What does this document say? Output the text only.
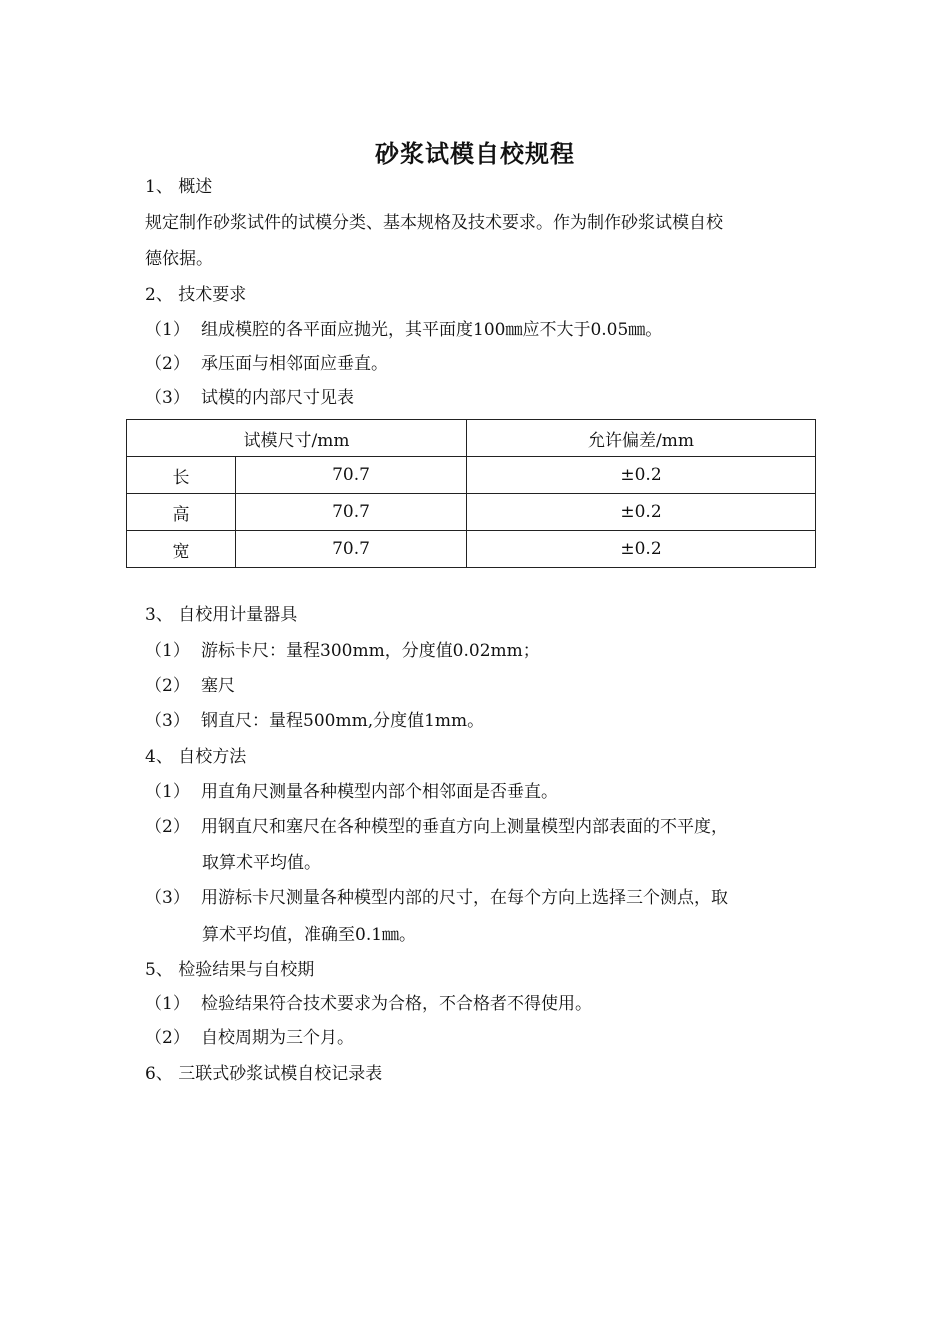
砂浆试模自校规程
1、 概述
规定制作砂浆试件的试模分类、基本规格及技术要求。作为制作砂浆试模自校
德依据。
2、 技术要求
（1） 组成模腔的各平面应抛光，其平面度100㎜应不大于0.05㎜。
（2） 承压面与相邻面应垂直。
（3） 试模的内部尺寸见表
试模尺寸/mm		允许偏差/mm
长	70.7	±0.2
高	70.7	±0.2
宽	70.7	±0.2
3、 自校用计量器具
（1） 游标卡尺：量程300mm，分度值0.02mm；
（2） 塞尺
（3） 钢直尺：量程500mm,分度值1mm。
4、 自校方法
（1） 用直角尺测量各种模型内部个相邻面是否垂直。
（2） 用钢直尺和塞尺在各种模型的垂直方向上测量模型内部表面的不平度，
取算术平均值。
（3） 用游标卡尺测量各种模型内部的尺寸，在每个方向上选择三个测点，取
算术平均值，准确至0.1㎜。
5、 检验结果与自校期
（1） 检验结果符合技术要求为合格，不合格者不得使用。
（2） 自校周期为三个月。
6、 三联式砂浆试模自校记录表
